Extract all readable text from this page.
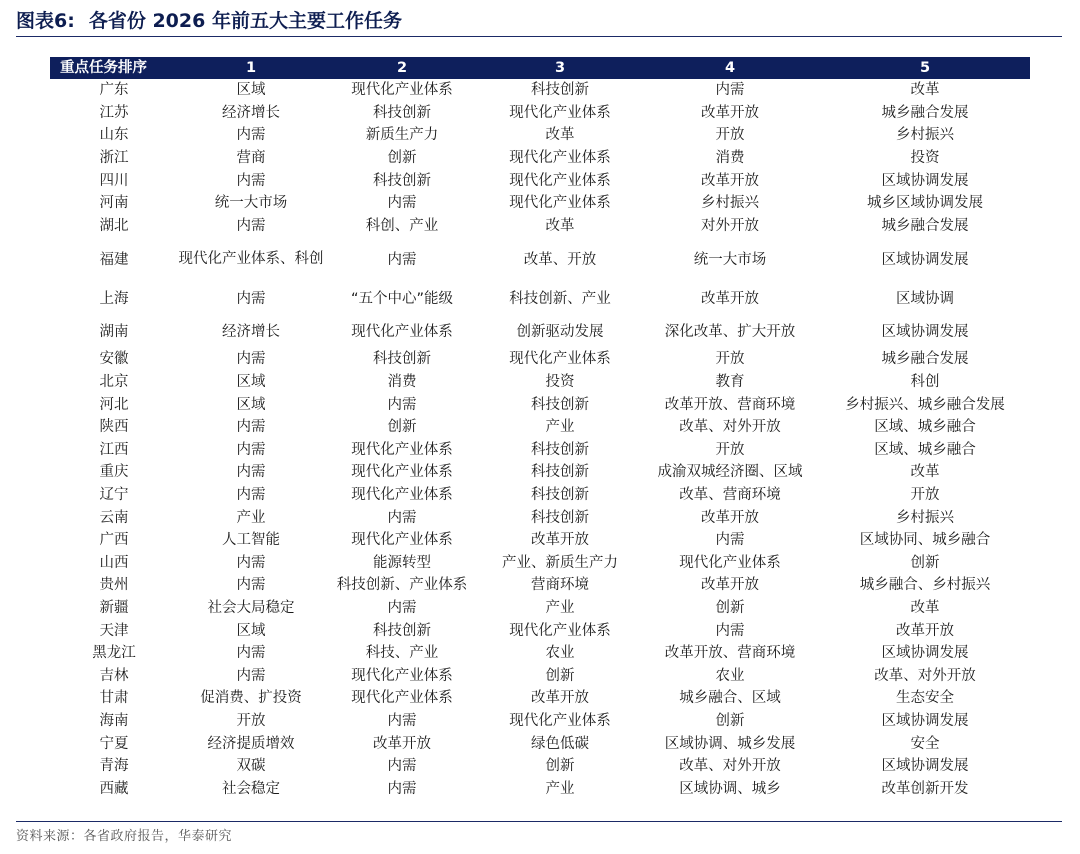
图表6: 各省份 2026 年前五大主要工作任务
重点任务排序	1	2	3	4	5
广东	区域	现代化产业体系	科技创新	内需	改革
江苏	经济增长	科技创新	现代化产业体系	改革开放	城乡融合发展
山东	内需	新质生产力	改革	开放	乡村振兴
浙江	营商	创新	现代化产业体系	消费	投资
四川	内需	科技创新	现代化产业体系	改革开放	区域协调发展
河南	统一大市场	内需	现代化产业体系	乡村振兴	城乡区域协调发展
湖北	内需	科创、产业	改革	对外开放	城乡融合发展
福建	现代化产业体系、科创	内需	改革、开放	统一大市场	区域协调发展
上海	内需	“五个中心”能级	科技创新、产业	改革开放	区域协调
湖南	经济增长	现代化产业体系	创新驱动发展	深化改革、扩大开放	区域协调发展
安徽	内需	科技创新	现代化产业体系	开放	城乡融合发展
北京	区域	消费	投资	教育	科创
河北	区域	内需	科技创新	改革开放、营商环境	乡村振兴、城乡融合发展
陕西	内需	创新	产业	改革、对外开放	区域、城乡融合
江西	内需	现代化产业体系	科技创新	开放	区域、城乡融合
重庆	内需	现代化产业体系	科技创新	成渝双城经济圈、区域	改革
辽宁	内需	现代化产业体系	科技创新	改革、营商环境	开放
云南	产业	内需	科技创新	改革开放	乡村振兴
广西	人工智能	现代化产业体系	改革开放	内需	区域协同、城乡融合
山西	内需	能源转型	产业、新质生产力	现代化产业体系	创新
贵州	内需	科技创新、产业体系	营商环境	改革开放	城乡融合、乡村振兴
新疆	社会大局稳定	内需	产业	创新	改革
天津	区域	科技创新	现代化产业体系	内需	改革开放
黑龙江	内需	科技、产业	农业	改革开放、营商环境	区域协调发展
吉林	内需	现代化产业体系	创新	农业	改革、对外开放
甘肃	促消费、扩投资	现代化产业体系	改革开放	城乡融合、区域	生态安全
海南	开放	内需	现代化产业体系	创新	区域协调发展
宁夏	经济提质增效	改革开放	绿色低碳	区域协调、城乡发展	安全
青海	双碳	内需	创新	改革、对外开放	区域协调发展
西藏	社会稳定	内需	产业	区域协调、城乡	改革创新开发
资料来源：各省政府报告，华泰研究
